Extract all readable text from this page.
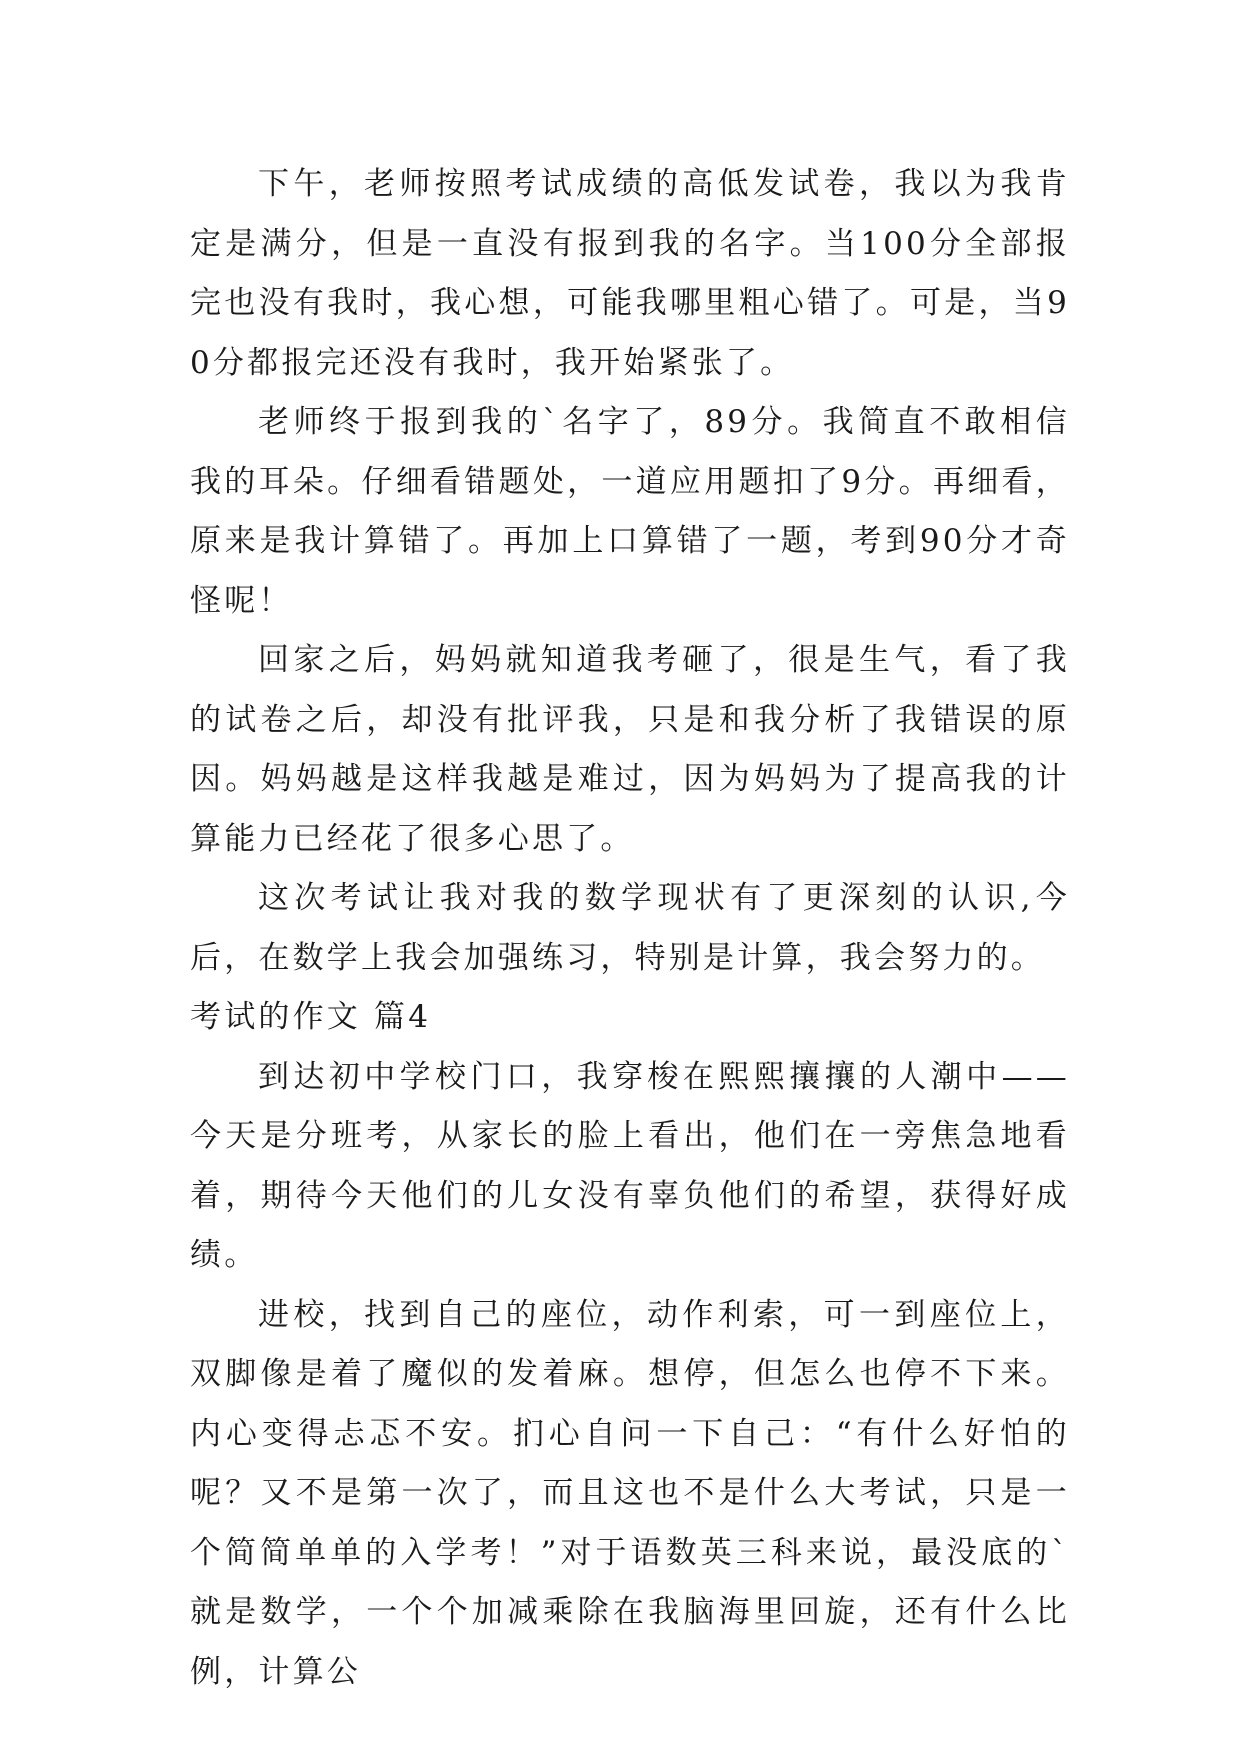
下午，老师按照考试成绩的高低发试卷，我以为我肯定是满分，但是一直没有报到我的名字。当100分全部报完也没有我时，我心想，可能我哪里粗心错了。可是，当90分都报完还没有我时，我开始紧张了。

老师终于报到我的`名字了，89分。我简直不敢相信我的耳朵。仔细看错题处，一道应用题扣了9分。再细看，原来是我计算错了。再加上口算错了一题，考到90分才奇怪呢！

回家之后，妈妈就知道我考砸了，很是生气，看了我的试卷之后，却没有批评我，只是和我分析了我错误的原因。妈妈越是这样我越是难过，因为妈妈为了提高我的计算能力已经花了很多心思了。

这次考试让我对我的数学现状有了更深刻的认识,今后，在数学上我会加强练习，特别是计算，我会努力的。

考试的作文 篇4

到达初中学校门口，我穿梭在熙熙攘攘的人潮中——今天是分班考，从家长的脸上看出，他们在一旁焦急地看着，期待今天他们的儿女没有辜负他们的希望，获得好成绩。

进校，找到自己的座位，动作利索，可一到座位上，双脚像是着了魔似的发着麻。想停，但怎么也停不下来。内心变得忐忑不安。扪心自问一下自己：“有什么好怕的呢？又不是第一次了，而且这也不是什么大考试，只是一个简简单单的入学考！”对于语数英三科来说，最没底的`就是数学，一个个加减乘除在我脑海里回旋，还有什么比例，计算公
